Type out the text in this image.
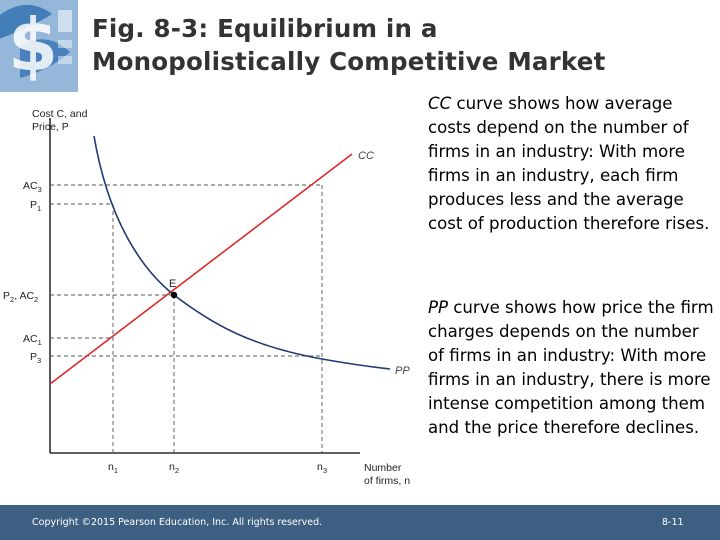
$ Fig. 8-3: Equilibrium in a
Monopolistically Competitive Market
Cost C, and
Price, P
Number
of firms, n
CC
PP
E
$AC_3$
$P_1$
$P_2$, $AC_2$
$AC_1$
$P_3$
$n_1$	$n_2$	$n_3$
CC curve shows how average costs depend on the number of firms in an industry: With more firms in an industry, each firm produces less and the average cost of production therefore rises.
PP curve shows how price the firm charges depends on the number of firms in an industry: With more firms in an industry, there is more intense competition among them and the price therefore declines.
Copyright ©2015 Pearson Education, Inc. All rights reserved.	8-11
